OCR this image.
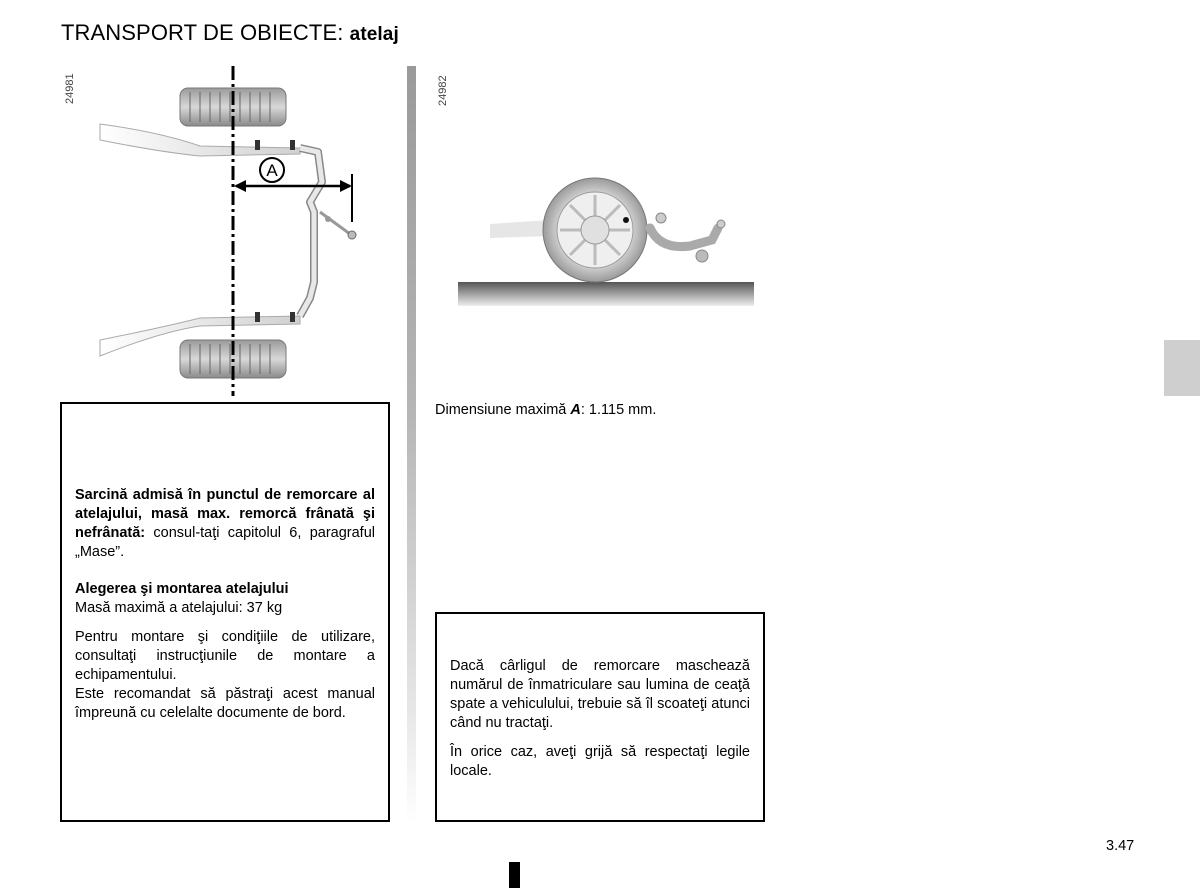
TRANSPORT DE OBIECTE: atelaj
24981	24982
A
Dimensiune maximă A: 1.115 mm.

Sarcină admisă în punctul de remorcare al atelajului, masă max. remorcă frânată şi nefrânată: consul-taţi capitolul 6, paragraful „Mase”.

Alegerea şi montarea atelajului

Masă maximă a atelajului: 37 kg

Pentru montare şi condiţiile de utilizare, consultaţi instrucţiunile de montare a echipamentului.

Este recomandat să păstraţi acest manual împreună cu celelalte documente de bord.

Dacă cârligul de remorcare maschează numărul de înmatriculare sau lumina de ceaţă spate a vehiculului, trebuie să îl scoateţi atunci când nu tractaţi.

În orice caz, aveţi grijă să respectaţi legile locale.

3.47
